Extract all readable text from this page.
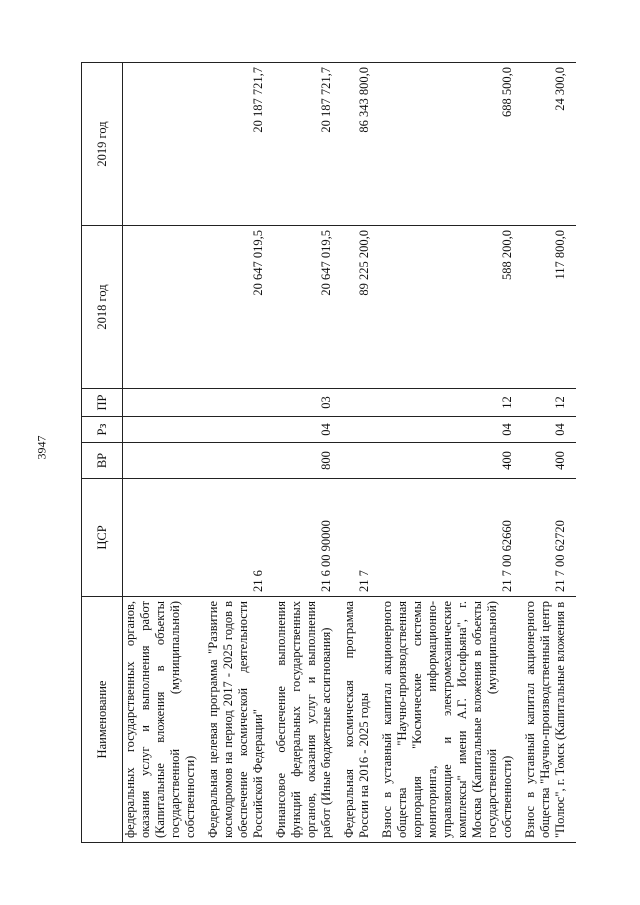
3947
Наименование	ЦСР	ВР	Рз	ПР	2018 год	2019 год
федеральных государственных органов, оказания услуг и выполнения работ (Капитальные вложения в объекты государственной (муниципальной) собственности)						
Федеральная целевая программа "Развитие космодромов на период 2017 - 2025 годов в обеспечение космической деятельности Российской Федерации"	21 6				20 647 019,5	20 187 721,7
Финансовое обеспечение выполнения функций федеральных государственных органов, оказания услуг и выполнения работ (Иные бюджетные ассигнования)	21 6 00 90000	800	04	03	20 647 019,5	20 187 721,7
Федеральная космическая программа России на 2016 - 2025 годы	21 7				89 225 200,0	86 343 800,0
Взнос в уставный капитал акционерного общества "Научно-производственная корпорация "Космические системы мониторинга, информационно-управляющие и электромеханические комплексы" имени А.Г. Иосифьяна", г. Москва (Капитальные вложения в объекты государственной (муниципальной) собственности)	21 7 00 62660	400	04	12	588 200,0	688 500,0
Взнос в уставный капитал акционерного общества "Научно-производственный центр "Полюс", г. Томск (Капитальные вложения в	21 7 00 62720	400	04	12	117 800,0	24 300,0
